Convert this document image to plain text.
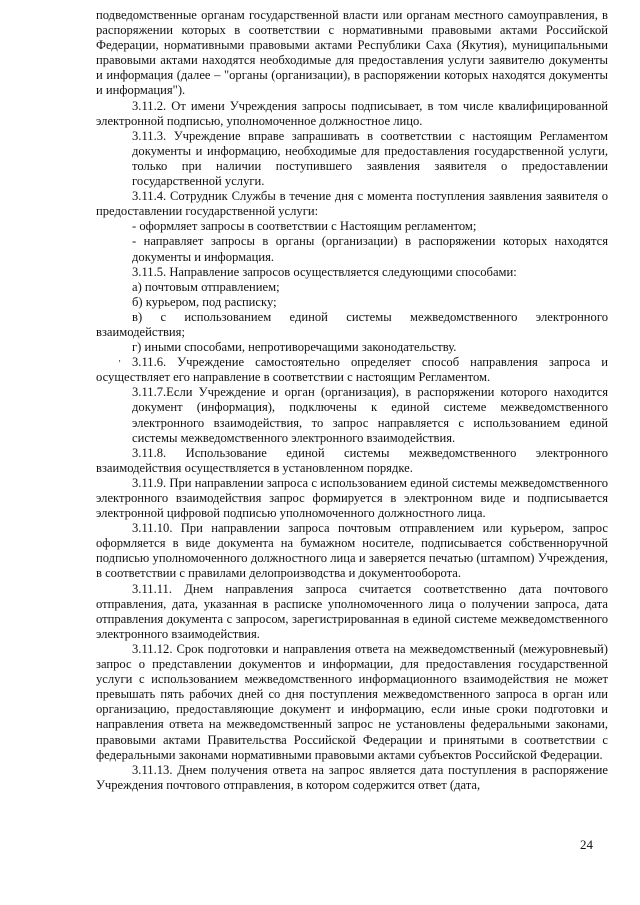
подведомственные органам государственной власти или органам местного самоуправления, в распоряжении которых в соответствии с нормативными правовыми актами Российской Федерации, нормативными правовыми актами Республики Саха (Якутия), муниципальными правовыми актами находятся необходимые для предоставления услуги заявителю документы и информация (далее – "органы (организации), в распоряжении которых находятся документы и информация").

3.11.2. От имени Учреждения запросы подписывает, в том числе квалифицированной электронной подписью, уполномоченное должностное лицо.

3.11.3. Учреждение вправе запрашивать в соответствии с настоящим Регламентом документы и информацию, необходимые для предоставления государственной услуги, только при наличии поступившего заявления заявителя о предоставлении государственной услуги.

3.11.4. Сотрудник Службы в течение дня с момента поступления заявления заявителя о предоставлении государственной услуги:

- оформляет запросы в соответствии с Настоящим регламентом;

- направляет запросы в органы (организации) в распоряжении которых находятся документы и информация.

3.11.5. Направление запросов осуществляется следующими способами:

а) почтовым отправлением;

б) курьером, под расписку;

в) с использованием единой системы межведомственного электронного взаимодействия;

г) иными способами, непротиворечащими законодательству.

3.11.6. Учреждение самостоятельно определяет способ направления запроса и осуществляет его направление в соответствии с настоящим Регламентом.

3.11.7.Если Учреждение и орган (организация), в распоряжении которого находится документ (информация), подключены к единой системе межведомственного электронного взаимодействия, то запрос направляется с использованием единой системы межведомственного электронного взаимодействия.

3.11.8. Использование единой системы межведомственного электронного взаимодействия осуществляется в установленном порядке.

3.11.9. При направлении запроса с использованием единой системы межведомственного электронного взаимодействия запрос формируется в электронном виде и подписывается электронной цифровой подписью уполномоченного должностного лица.

3.11.10. При направлении запроса почтовым отправлением или курьером, запрос оформляется в виде документа на бумажном носителе, подписывается собственноручной подписью уполномоченного должностного лица и заверяется печатью (штампом) Учреждения, в соответствии с правилами делопроизводства и документооборота.

3.11.11. Днем направления запроса считается соответственно дата почтового отправления, дата, указанная в расписке уполномоченного лица о получении запроса, дата отправления документа с запросом, зарегистрированная в единой системе межведомственного электронного взаимодействия.

3.11.12. Срок подготовки и направления ответа на межведомственный (межуровневый) запрос о представлении документов и информации, для предоставления государственной услуги с использованием межведомственного информационного взаимодействия не может превышать пять рабочих дней со дня поступления межведомственного запроса в орган или организацию, предоставляющие документ и информацию, если иные сроки подготовки и направления ответа на межведомственный запрос не установлены федеральными законами, правовыми актами Правительства Российской Федерации и принятыми в соответствии с федеральными законами нормативными правовыми актами субъектов Российской Федерации.

3.11.13. Днем получения ответа на запрос является дата поступления в распоряжение Учреждения почтового отправления, в котором содержится ответ (дата,

‚
24
